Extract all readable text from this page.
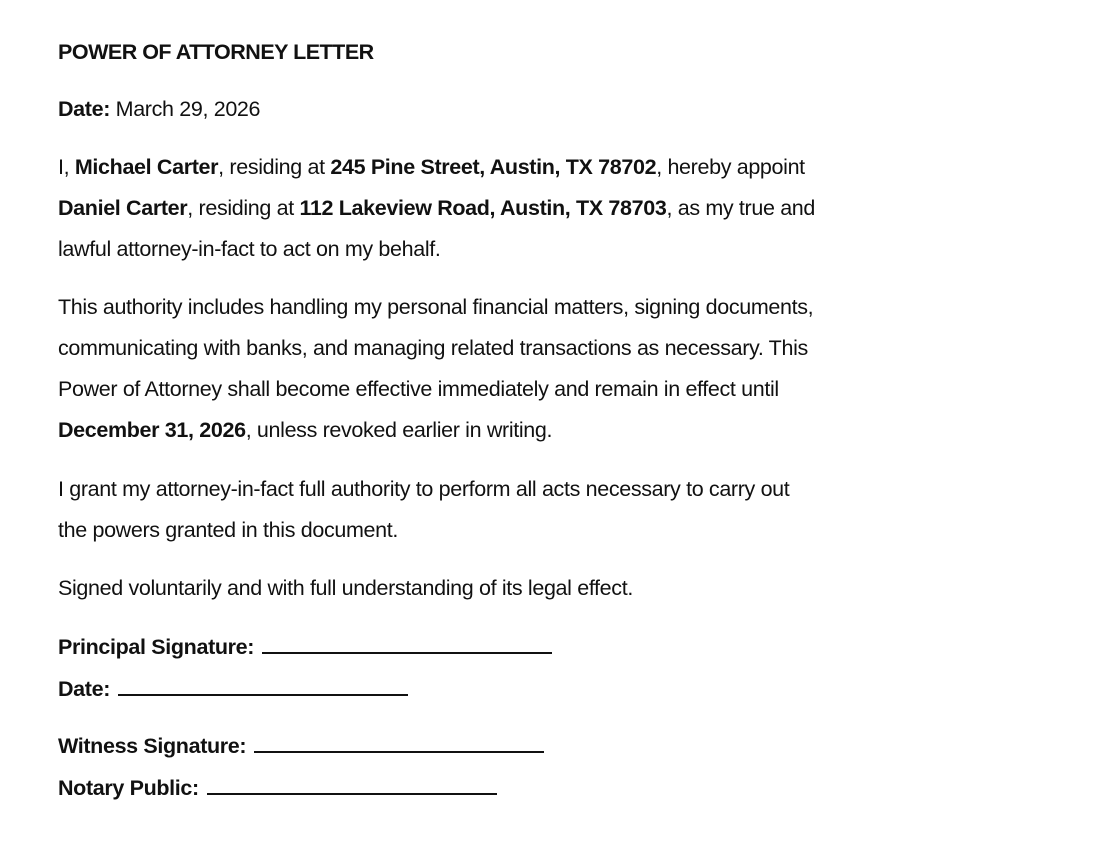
POWER OF ATTORNEY LETTER
Date: March 29, 2026
I, Michael Carter, residing at 245 Pine Street, Austin, TX 78702, hereby appoint
Daniel Carter, residing at 112 Lakeview Road, Austin, TX 78703, as my true and
lawful attorney-in-fact to act on my behalf.
This authority includes handling my personal financial matters, signing documents,
communicating with banks, and managing related transactions as necessary. This
Power of Attorney shall become effective immediately and remain in effect until
December 31, 2026, unless revoked earlier in writing.
I grant my attorney-in-fact full authority to perform all acts necessary to carry out
the powers granted in this document.
Signed voluntarily and with full understanding of its legal effect.
Principal Signature:
Date:
Witness Signature:
Notary Public:
